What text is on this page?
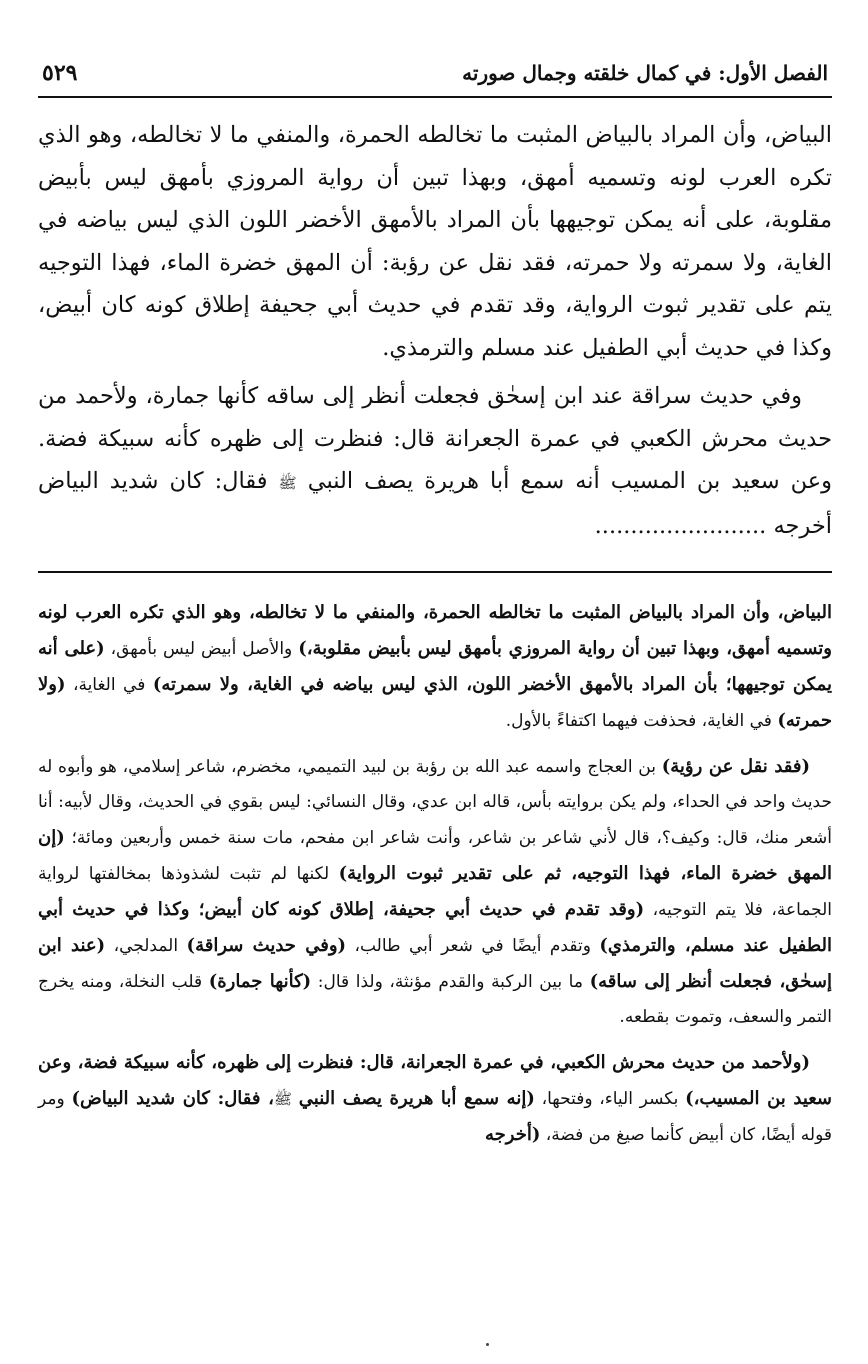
الفصل الأول: في كمال خلقته وجمال صورته
٥٢٩

البياض، وأن المراد بالبياض المثبت ما تخالطه الحمرة، والمنفي ما لا تخالطه، وهو الذي تكره العرب لونه وتسميه أمهق، وبهذا تبين أن رواية المروزي بأمهق ليس بأبيض مقلوبة، على أنه يمكن توجيهها بأن المراد بالأمهق الأخضر اللون الذي ليس بياضه في الغاية، ولا سمرته ولا حمرته، فقد نقل عن رؤبة: أن المهق خضرة الماء، فهذا التوجيه يتم على تقدير ثبوت الرواية، وقد تقدم في حديث أبي جحيفة إطلاق كونه كان أبيض، وكذا في حديث أبي الطفيل عند مسلم والترمذي.

وفي حديث سراقة عند ابن إسحٰق فجعلت أنظر إلى ساقه كأنها جمارة، ولأحمد من حديث محرش الكعبي في عمرة الجعرانة قال: فنظرت إلى ظهره كأنه سبيكة فضة. وعن سعيد بن المسيب أنه سمع أبا هريرة يصف النبي ﷺ فقال: كان شديد البياض أخرجه ........................

البياض، وأن المراد بالبياض المثبت ما تخالطه الحمرة، والمنفي ما لا تخالطه، وهو الذي تكره العرب لونه وتسميه أمهق، وبهذا تبين أن رواية المروزي بأمهق ليس بأبيض مقلوبة،) والأصل أبيض ليس بأمهق، (على أنه يمكن توجيهها؛ بأن المراد بالأمهق الأخضر اللون، الذي ليس بياضه في الغاية، ولا سمرته) في الغاية، (ولا حمرته) في الغاية، فحذفت فيهما اكتفاءً بالأول.

(فقد نقل عن رؤية) بن العجاج واسمه عبد الله بن رؤبة بن لبيد التميمي، مخضرم، شاعر إسلامي، هو وأبوه له حديث واحد في الحداء، ولم يكن بروايته بأس، قاله ابن عدي، وقال النسائي: ليس بقوي في الحديث، وقال لأبيه: أنا أشعر منك، قال: وكيف؟، قال لأني شاعر بن شاعر، وأنت شاعر ابن مفحم، مات سنة خمس وأربعين ومائة؛ (إن المهق خضرة الماء، فهذا التوجيه، ثم على تقدير ثبوت الرواية) لكنها لم تثبت لشذوذها بمخالفتها لرواية الجماعة، فلا يتم التوجيه، (وقد تقدم في حديث أبي جحيفة، إطلاق كونه كان أبيض؛ وكذا في حديث أبي الطفيل عند مسلم، والترمذي) وتقدم أيضًا في شعر أبي طالب، (وفي حديث سراقة) المدلجي، (عند ابن إسحٰق، فجعلت أنظر إلى ساقه) ما بين الركبة والقدم مؤنثة، ولذا قال: (كأنها جمارة) قلب النخلة، ومنه يخرج التمر والسعف، وتموت بقطعه.

(ولأحمد من حديث محرش الكعبي، في عمرة الجعرانة، قال: فنظرت إلى ظهره، كأنه سبيكة فضة، وعن سعيد بن المسيب،) بكسر الياء، وفتحها، (إنه سمع أبا هريرة يصف النبي ﷺ، فقال: كان شديد البياض) ومر قوله أيضًا، كان أبيض كأنما صيغ من فضة، (أخرجه
